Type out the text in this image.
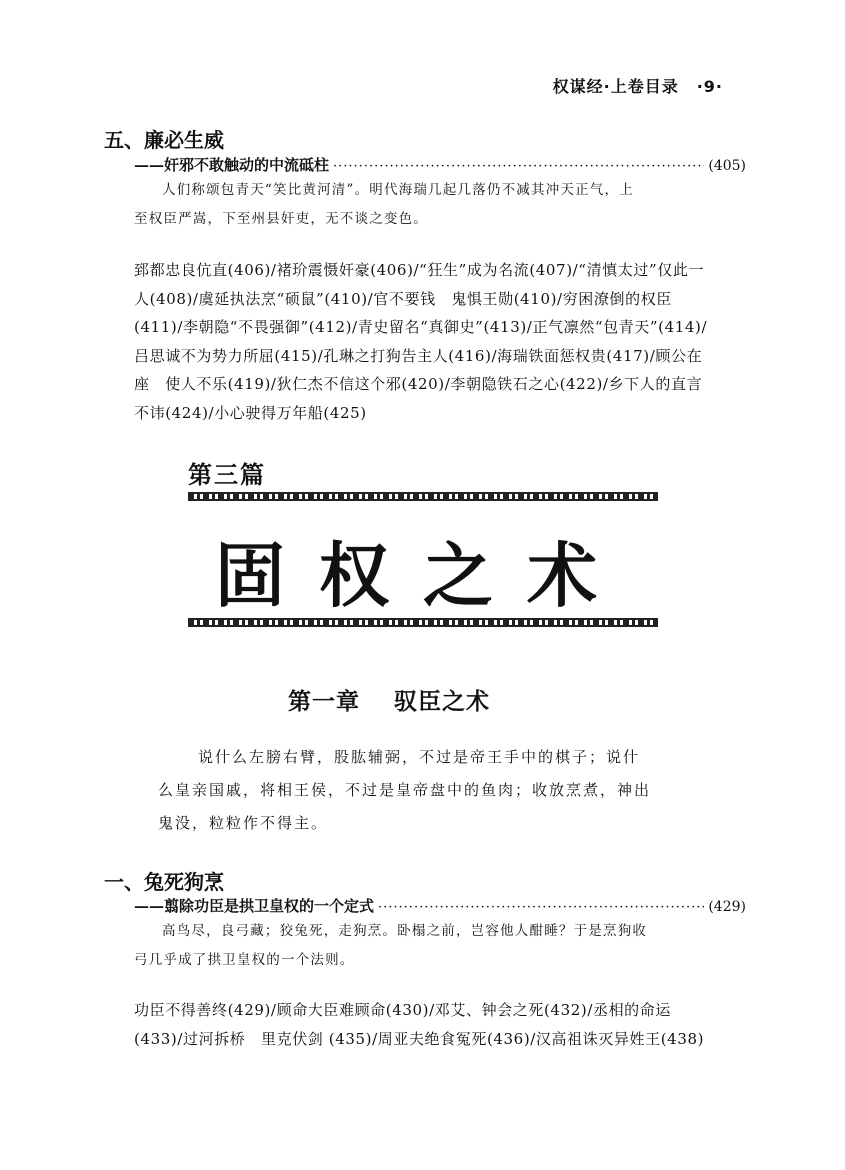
权谋经·上卷目录 ·9·
五、廉必生威
—— 奸邪不敢触动的中流砥柱 ·····	(405)
人们称颂包青天“笑比黄河清”。明代海瑞几起几落仍不减其冲天正气，上
至权臣严嵩，下至州县奸吏，无不谈之变色。
郅都忠良伉直(406)/褚玠震慑奸豪(406)/“狂生”成为名流(407)/“清慎太过”仅此一
人(408)/虞延执法烹“硕鼠”(410)/官不要钱　鬼惧王勋(410)/穷困潦倒的权臣
(411)/李朝隐“不畏强御”(412)/青史留名“真御史”(413)/正气凛然“包青天”(414)/
吕思诚不为势力所屈(415)/孔琳之打狗告主人(416)/海瑞铁面惩权贵(417)/顾公在
座　使人不乐(419)/狄仁杰不信这个邪(420)/李朝隐铁石之心(422)/乡下人的直言
不讳(424)/小心驶得万年船(425)
第三篇
固权之术
第一章 驭臣之术
说什么左膀右臂，股肱辅弼，不过是帝王手中的棋子；说什
么皇亲国戚，将相王侯，不过是皇帝盘中的鱼肉；收放烹煮，神出
鬼没，粒粒作不得主。
一、兔死狗烹
—— 翦除功臣是拱卫皇权的一个定式 ·····	(429)
高鸟尽，良弓藏；狡兔死，走狗烹。卧榻之前，岂容他人酣睡？于是烹狗收
弓几乎成了拱卫皇权的一个法则。
功臣不得善终(429)/顾命大臣难顾命(430)/邓艾、钟会之死(432)/丞相的命运
(433)/过河拆桥　里克伏剑 (435)/周亚夫绝食冤死(436)/汉高祖诛灭异姓王(438)
